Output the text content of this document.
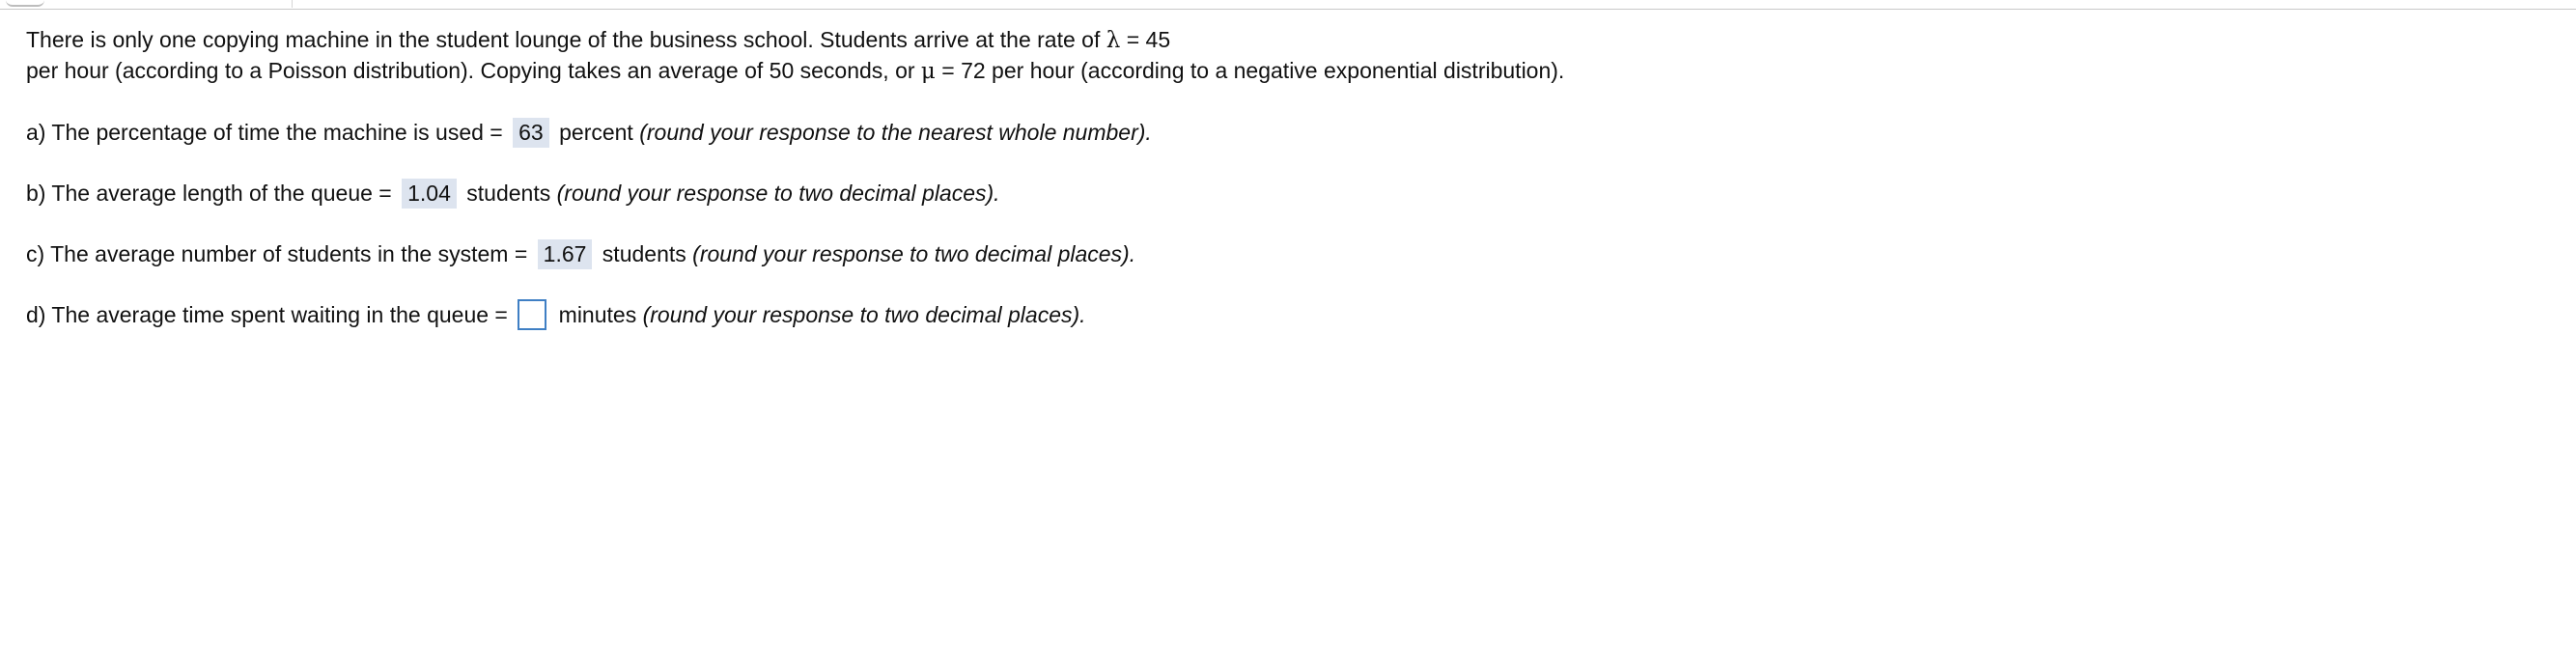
There is only one copying machine in the student lounge of the business school. Students arrive at the rate of λ = 45
per hour (according to a Poisson distribution). Copying takes an average of 50 seconds, or μ = 72 per hour (according to a negative exponential distribution).
a) The percentage of time the machine is used = 63 percent (round your response to the nearest whole number).
b) The average length of the queue = 1.04 students (round your response to two decimal places).
c) The average number of students in the system = 1.67 students (round your response to two decimal places).
d) The average time spent waiting in the queue =  minutes (round your response to two decimal places).
